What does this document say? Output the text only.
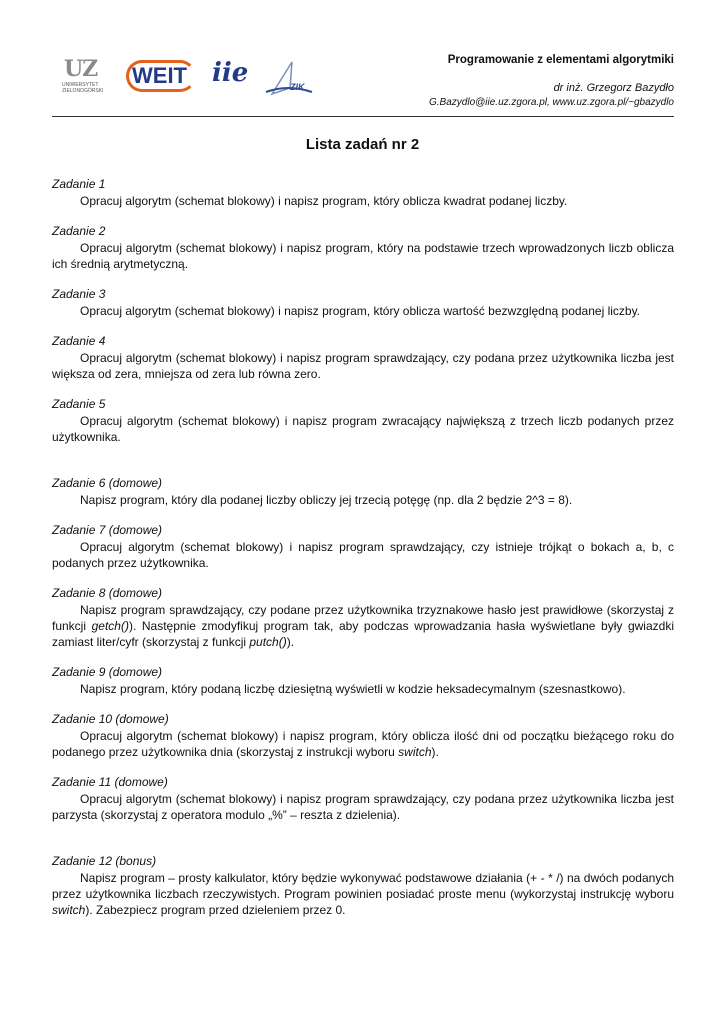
UZ
UNIWERSYTET
ZIELONOGÓRSKI
WEIT iie	ZIK
Programowanie z elementami algorytmiki
dr inż. Grzegorz Bazydło
G.Bazydlo@iie.uz.zgora.pl, www.uz.zgora.pl/~gbazydlo
Lista zadań nr 2
Zadanie 1

Opracuj algorytm (schemat blokowy) i napisz program, który oblicza kwadrat podanej liczby.

Zadanie 2

Opracuj algorytm (schemat blokowy) i napisz program, który na podstawie trzech wprowadzonych liczb oblicza ich średnią arytmetyczną.

Zadanie 3

Opracuj algorytm (schemat blokowy) i napisz program, który oblicza wartość bezwzględną podanej liczby.

Zadanie 4

Opracuj algorytm (schemat blokowy) i napisz program sprawdzający, czy podana przez użytkownika liczba jest większa od zera, mniejsza od zera lub równa zero.

Zadanie 5

Opracuj algorytm (schemat blokowy) i napisz program zwracający największą z trzech liczb podanych przez użytkownika.

Zadanie 6 (domowe)

Napisz program, który dla podanej liczby obliczy jej trzecią potęgę (np. dla 2 będzie 2^3 = 8).

Zadanie 7 (domowe)

Opracuj algorytm (schemat blokowy) i napisz program sprawdzający, czy istnieje trójkąt o bokach a, b, c podanych przez użytkownika.

Zadanie 8 (domowe)

Napisz program sprawdzający, czy podane przez użytkownika trzyznakowe hasło jest prawidłowe (skorzystaj z funkcji getch()). Następnie zmodyfikuj program tak, aby podczas wprowadzania hasła wyświetlane były gwiazdki zamiast liter/cyfr (skorzystaj z funkcji putch()).

Zadanie 9 (domowe)

Napisz program, który podaną liczbę dziesiętną wyświetli w kodzie heksadecymalnym (szesnastkowo).

Zadanie 10 (domowe)

Opracuj algorytm (schemat blokowy) i napisz program, który oblicza ilość dni od początku bieżącego roku do podanego przez użytkownika dnia (skorzystaj z instrukcji wyboru switch).

Zadanie 11 (domowe)

Opracuj algorytm (schemat blokowy) i napisz program sprawdzający, czy podana przez użytkownika liczba jest parzysta (skorzystaj z operatora modulo „%” – reszta z dzielenia).

Zadanie 12 (bonus)

Napisz program – prosty kalkulator, który będzie wykonywać podstawowe działania (+ - * /) na dwóch podanych przez użytkownika liczbach rzeczywistych. Program powinien posiadać proste menu (wykorzystaj instrukcję wyboru switch). Zabezpiecz program przed dzieleniem przez 0.
